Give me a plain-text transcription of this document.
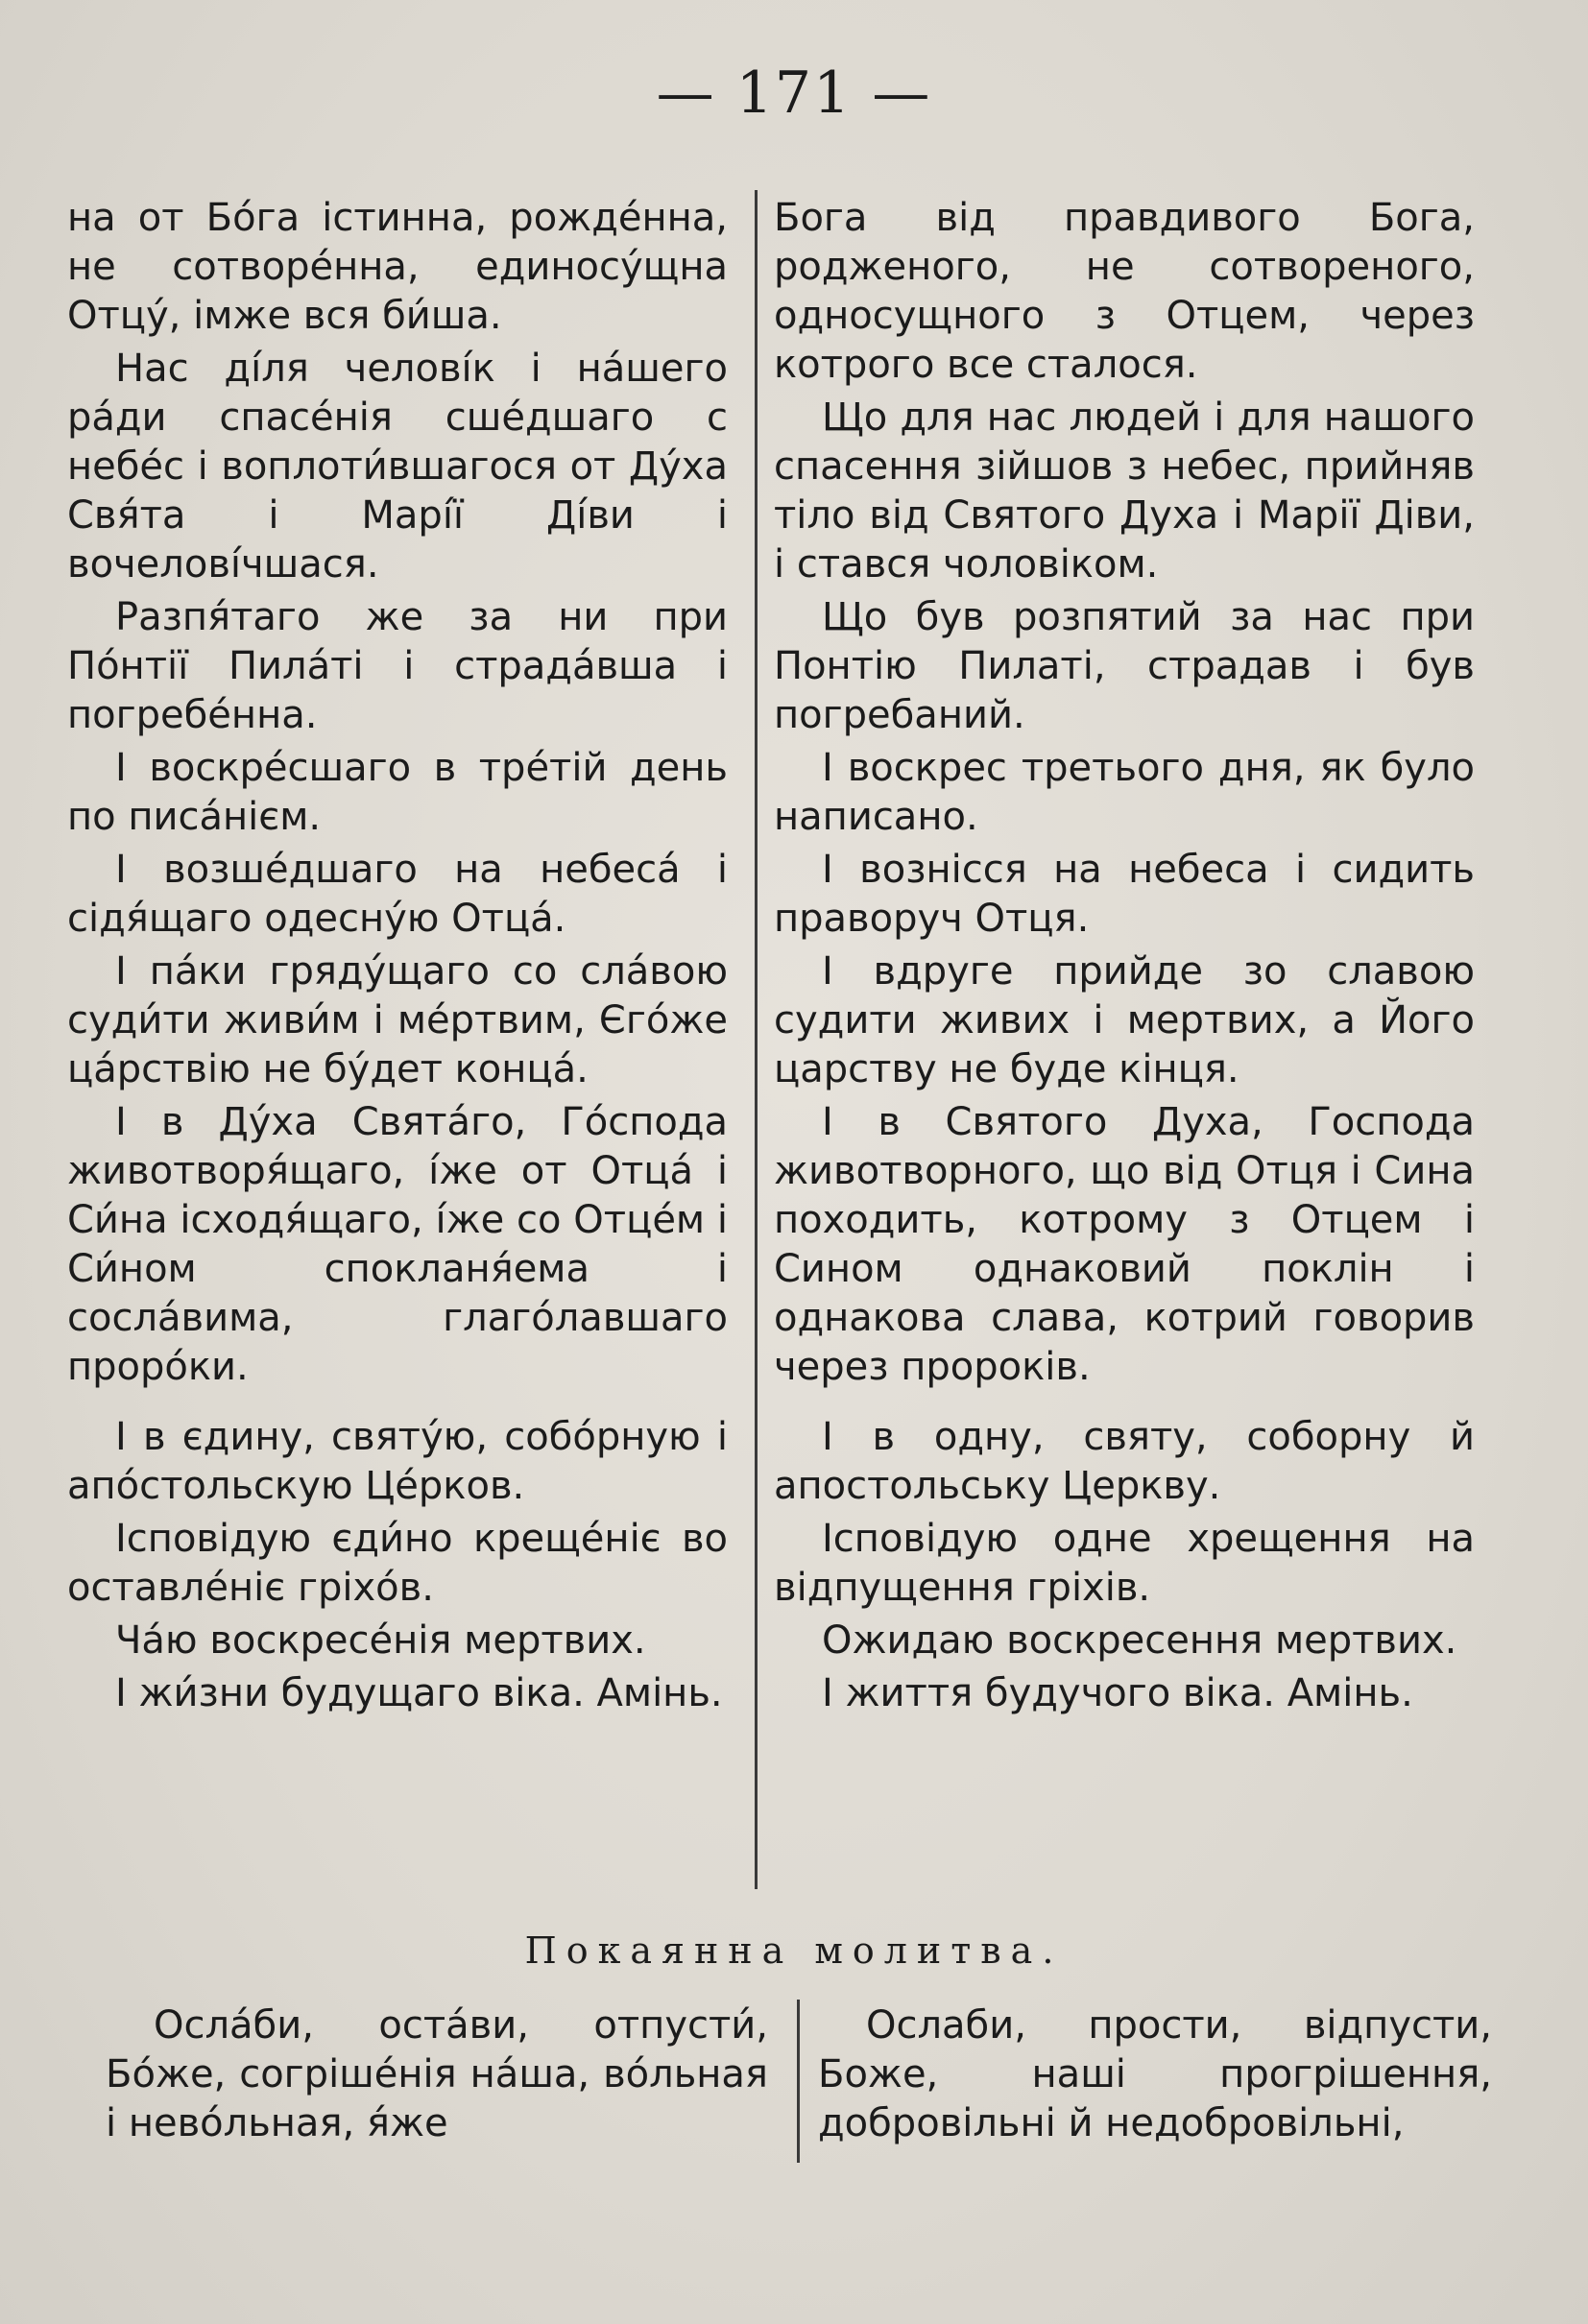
— 171 —

на от Бо́га істинна, рожде́нна, не сотворе́нна, единосу́щна Отцу́, імже вся би́ша.

Нас ді́ля челові́к і на́шего ра́ди спасе́нія сше́дшаго с небе́с і воплоти́вшагося от Ду́ха Свя́та і Марі́ї Ді́ви і вочелові́чшася.

Разпя́таго же за ни при По́нтії Пила́ті і страда́вша і погребе́нна.

І воскре́сшаго в тре́тій день по писа́нієм.

І возше́дшаго на небеса́ і сідя́щаго одесну́ю Отца́.

І па́ки гряду́щаго со сла́вою суди́ти живи́м і ме́ртвим, Єго́же ца́рствію не бу́дет конца́.

І в Ду́ха Свята́го, Го́спода животворя́щаго, і́же от Отца́ і Си́на ісходя́щаго, і́же со Отце́м і Си́ном спокланя́ема і сосла́вима, глаго́лавшаго проро́ки.

І в єдину, святу́ю, собо́рную і апо́стольскую Це́рков.

Ісповідую єди́но креще́ніє во оставле́ніє гріхо́в.

Ча́ю воскресе́нія мертвих.

І жи́зни будущаго віка. Амінь.

Бога від правдивого Бога, родженого, не сотвореного, односущного з Отцем, через котрого все сталося.

Що для нас людей і для нашого спасення зійшов з небес, прийняв тіло від Святого Духа і Марії Діви, і стався чоловіком.

Що був розпятий за нас при Понтію Пилаті, страдав і був погребаний.

І воскрес третього дня, як було написано.

І вознісся на небеса і сидить праворуч Отця.

І вдруге прийде зо славою судити живих і мертвих, а Його царству не буде кінця.

І в Святого Духа, Господа животворного, що від Отця і Сина походить, котрому з Отцем і Сином однаковий поклін і однакова слава, котрий говорив через пророків.

І в одну, святу, соборну й апостольську Церкву.

Ісповідую одне хрещення на відпущення гріхів.

Ожидаю воскресення мертвих.

І життя будучого віка. Амінь.

Покаянна молитва.

Осла́би, оста́ви, отпусти́, Бо́же, согріше́нія на́ша, во́льная і нево́льная, я́же

Ослаби, прости, відпусти, Боже, наші прогрішення, добровільні й недобровільні,
